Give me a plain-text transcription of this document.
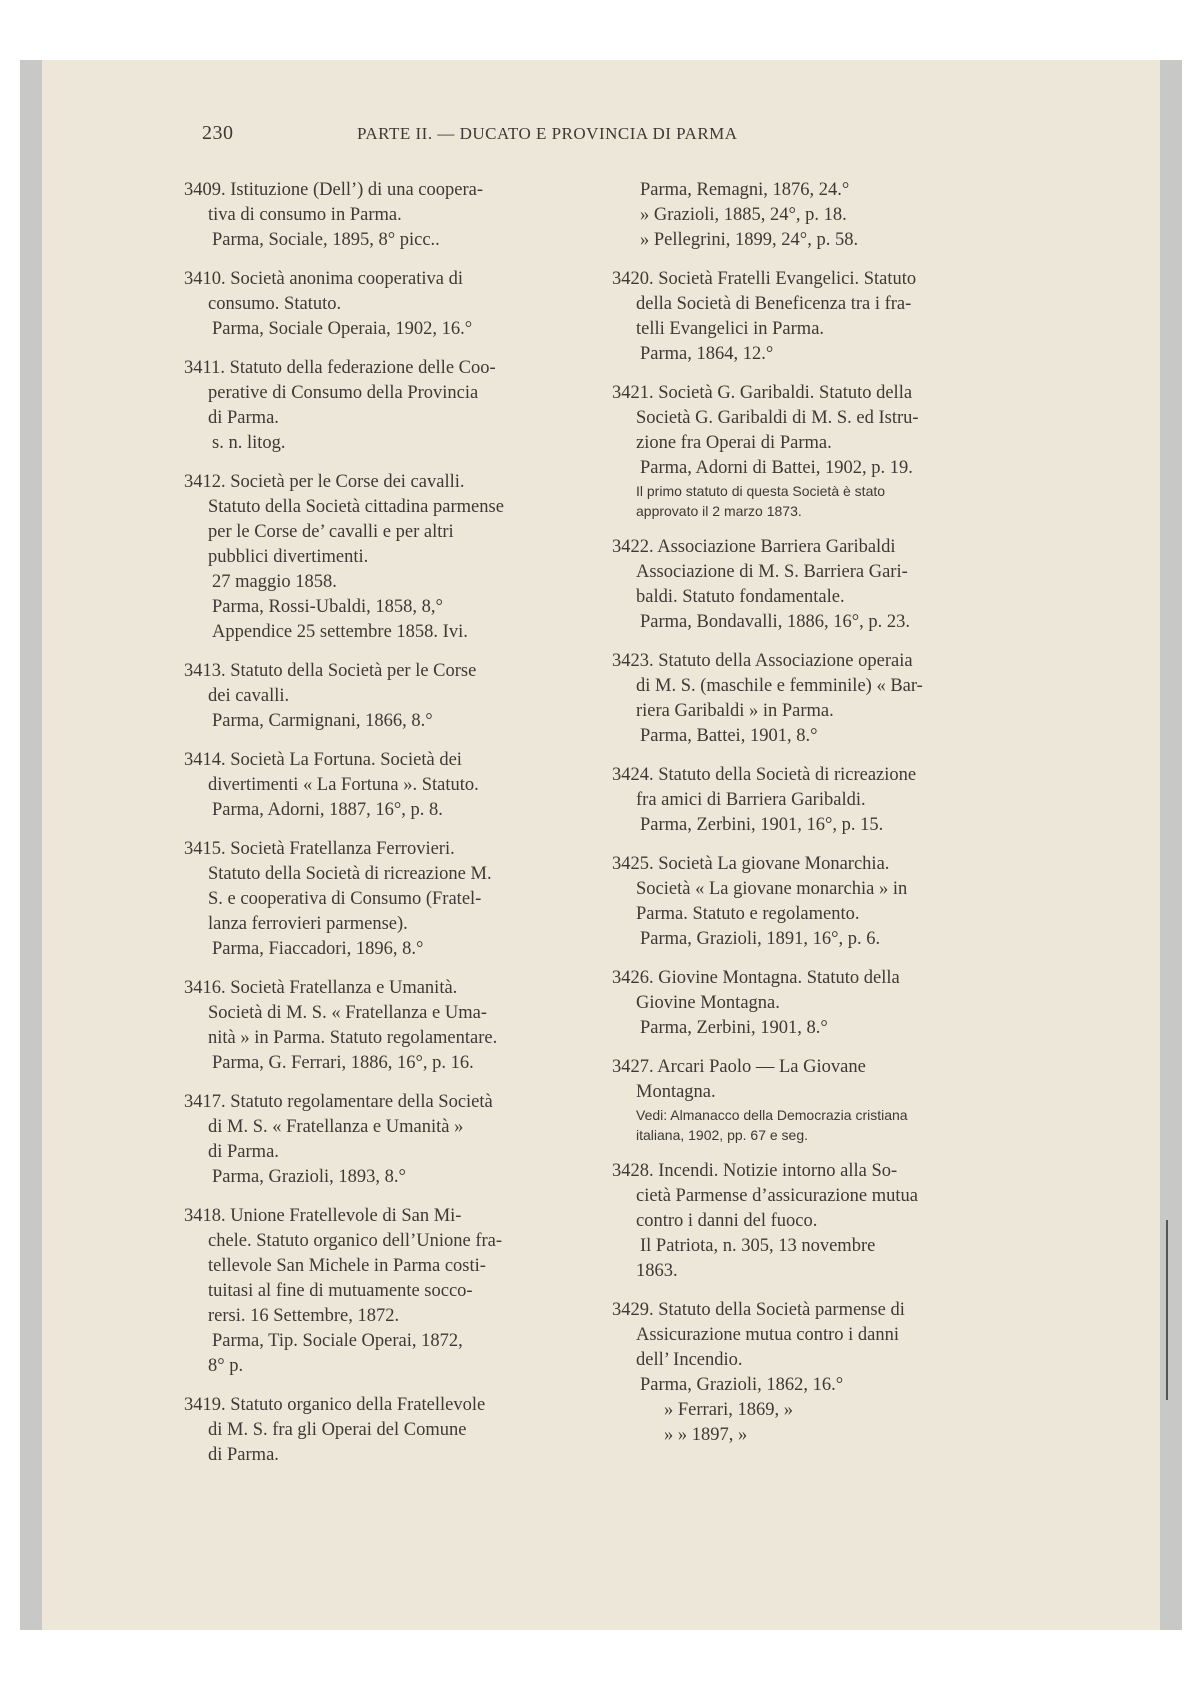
230	PARTE II. — DUCATO E PROVINCIA DI PARMA
3409. Istituzione (Dell’) di una coopera-
tiva di consumo in Parma.
Parma, Sociale, 1895, 8° picc..
3410. Società anonima cooperativa di
consumo. Statuto.
Parma, Sociale Operaia, 1902, 16.°
3411. Statuto della federazione delle Coo-
perative di Consumo della Provincia
di Parma.
s. n. litog.
3412. Società per le Corse dei cavalli.
Statuto della Società cittadina parmense
per le Corse de’ cavalli e per altri
pubblici divertimenti.
27 maggio 1858.
Parma, Rossi-Ubaldi, 1858, 8,°
Appendice 25 settembre 1858. Ivi.
3413. Statuto della Società per le Corse
dei cavalli.
Parma, Carmignani, 1866, 8.°
3414. Società La Fortuna. Società dei
divertimenti « La Fortuna ». Statuto.
Parma, Adorni, 1887, 16°, p. 8.
3415. Società Fratellanza Ferrovieri.
Statuto della Società di ricreazione M.
S. e cooperativa di Consumo (Fratel-
lanza ferrovieri parmense).
Parma, Fiaccadori, 1896, 8.°
3416. Società Fratellanza e Umanità.
Società di M. S. « Fratellanza e Uma-
nità » in Parma. Statuto regolamentare.
Parma, G. Ferrari, 1886, 16°, p. 16.
3417. Statuto regolamentare della Società
di M. S. « Fratellanza e Umanità »
di Parma.
Parma, Grazioli, 1893, 8.°
3418. Unione Fratellevole di San Mi-
chele. Statuto organico dell’Unione fra-
tellevole San Michele in Parma costi-
tuitasi al fine di mutuamente socco-
rersi. 16 Settembre, 1872.
Parma, Tip. Sociale Operai, 1872,
8° p.
3419. Statuto organico della Fratellevole
di M. S. fra gli Operai del Comune
di Parma.
Parma, Remagni, 1876, 24.°
» Grazioli, 1885, 24°, p. 18.
» Pellegrini, 1899, 24°, p. 58.
3420. Società Fratelli Evangelici. Statuto
della Società di Beneficenza tra i fra-
telli Evangelici in Parma.
Parma, 1864, 12.°
3421. Società G. Garibaldi. Statuto della
Società G. Garibaldi di M. S. ed Istru-
zione fra Operai di Parma.
Parma, Adorni di Battei, 1902, p. 19.
Il primo statuto di questa Società è stato
approvato il 2 marzo 1873.
3422. Associazione Barriera Garibaldi
Associazione di M. S. Barriera Gari-
baldi. Statuto fondamentale.
Parma, Bondavalli, 1886, 16°, p. 23.
3423. Statuto della Associazione operaia
di M. S. (maschile e femminile) « Bar-
riera Garibaldi » in Parma.
Parma, Battei, 1901, 8.°
3424. Statuto della Società di ricreazione
fra amici di Barriera Garibaldi.
Parma, Zerbini, 1901, 16°, p. 15.
3425. Società La giovane Monarchia.
Società « La giovane monarchia » in
Parma. Statuto e regolamento.
Parma, Grazioli, 1891, 16°, p. 6.
3426. Giovine Montagna. Statuto della
Giovine Montagna.
Parma, Zerbini, 1901, 8.°
3427. Arcari Paolo — La Giovane
Montagna.
Vedi: Almanacco della Democrazia cristiana
italiana, 1902, pp. 67 e seg.
3428. Incendi. Notizie intorno alla So-
cietà Parmense d’assicurazione mutua
contro i danni del fuoco.
Il Patriota, n. 305, 13 novembre
1863.
3429. Statuto della Società parmense di
Assicurazione mutua contro i danni
dell’ Incendio.
Parma, Grazioli, 1862, 16.°
» Ferrari, 1869, »
» » 1897, »
